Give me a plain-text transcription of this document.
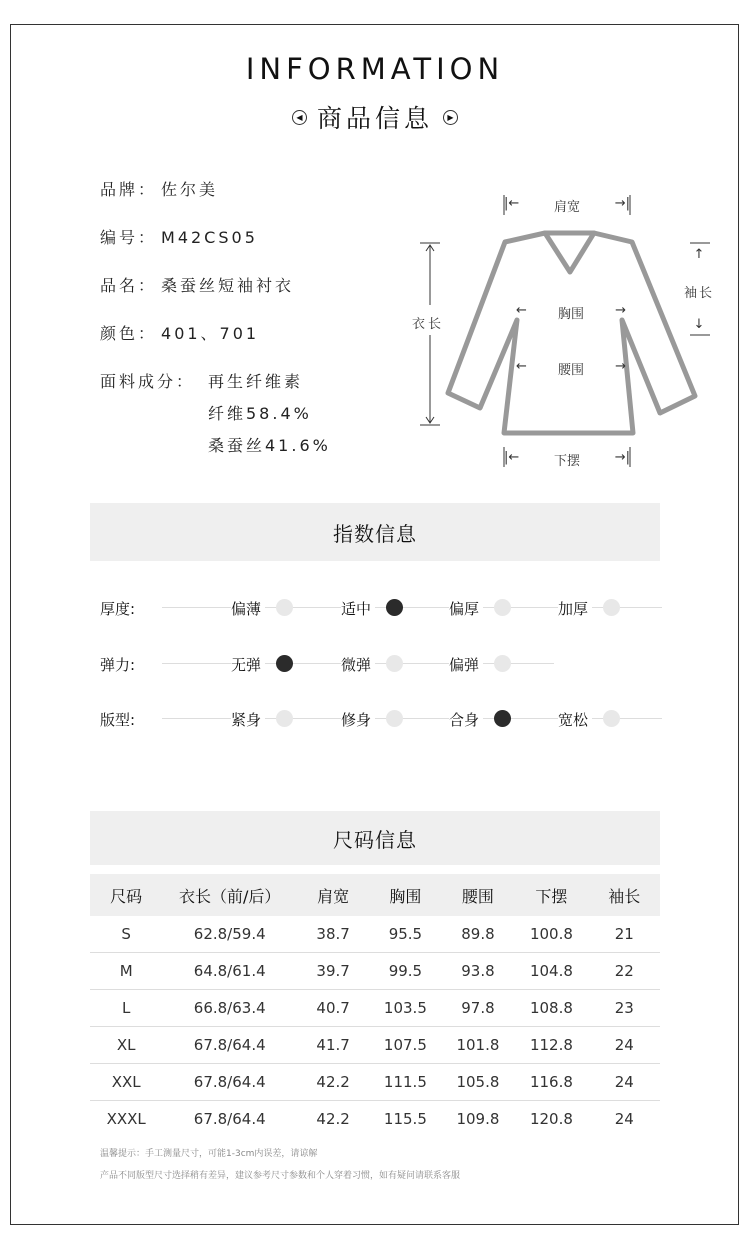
INFORMATION
◀ 商品信息 ▶
品牌： 佐尔美
编号： M42CS05
品名： 桑蚕丝短袖衬衣
颜色： 401、701
面料成分： 再生纤维素
纤维58.4%
桑蚕丝41.6%
|←	肩宽	→|
衣长
↑
袖长
↓
← 胸围 →
← 腰围 →
|←	下摆	→|
指数信息
厚度:	偏薄	适中	偏厚	加厚
弹力:	无弹	微弹	偏弹
版型:	紧身	修身	合身	宽松
尺码信息
尺码	衣长（前/后）	肩宽	胸围	腰围	下摆	袖长
S	62.8/59.4	38.7	95.5	89.8	100.8	21
M	64.8/61.4	39.7	99.5	93.8	104.8	22
L	66.8/63.4	40.7	103.5	97.8	108.8	23
XL	67.8/64.4	41.7	107.5	101.8	112.8	24
XXL	67.8/64.4	42.2	111.5	105.8	116.8	24
XXXL	67.8/64.4	42.2	115.5	109.8	120.8	24
温馨提示：手工测量尺寸，可能1-3cm内误差，请谅解
产品不同版型尺寸选择稍有差异，建议参考尺寸参数和个人穿着习惯，如有疑问请联系客服
